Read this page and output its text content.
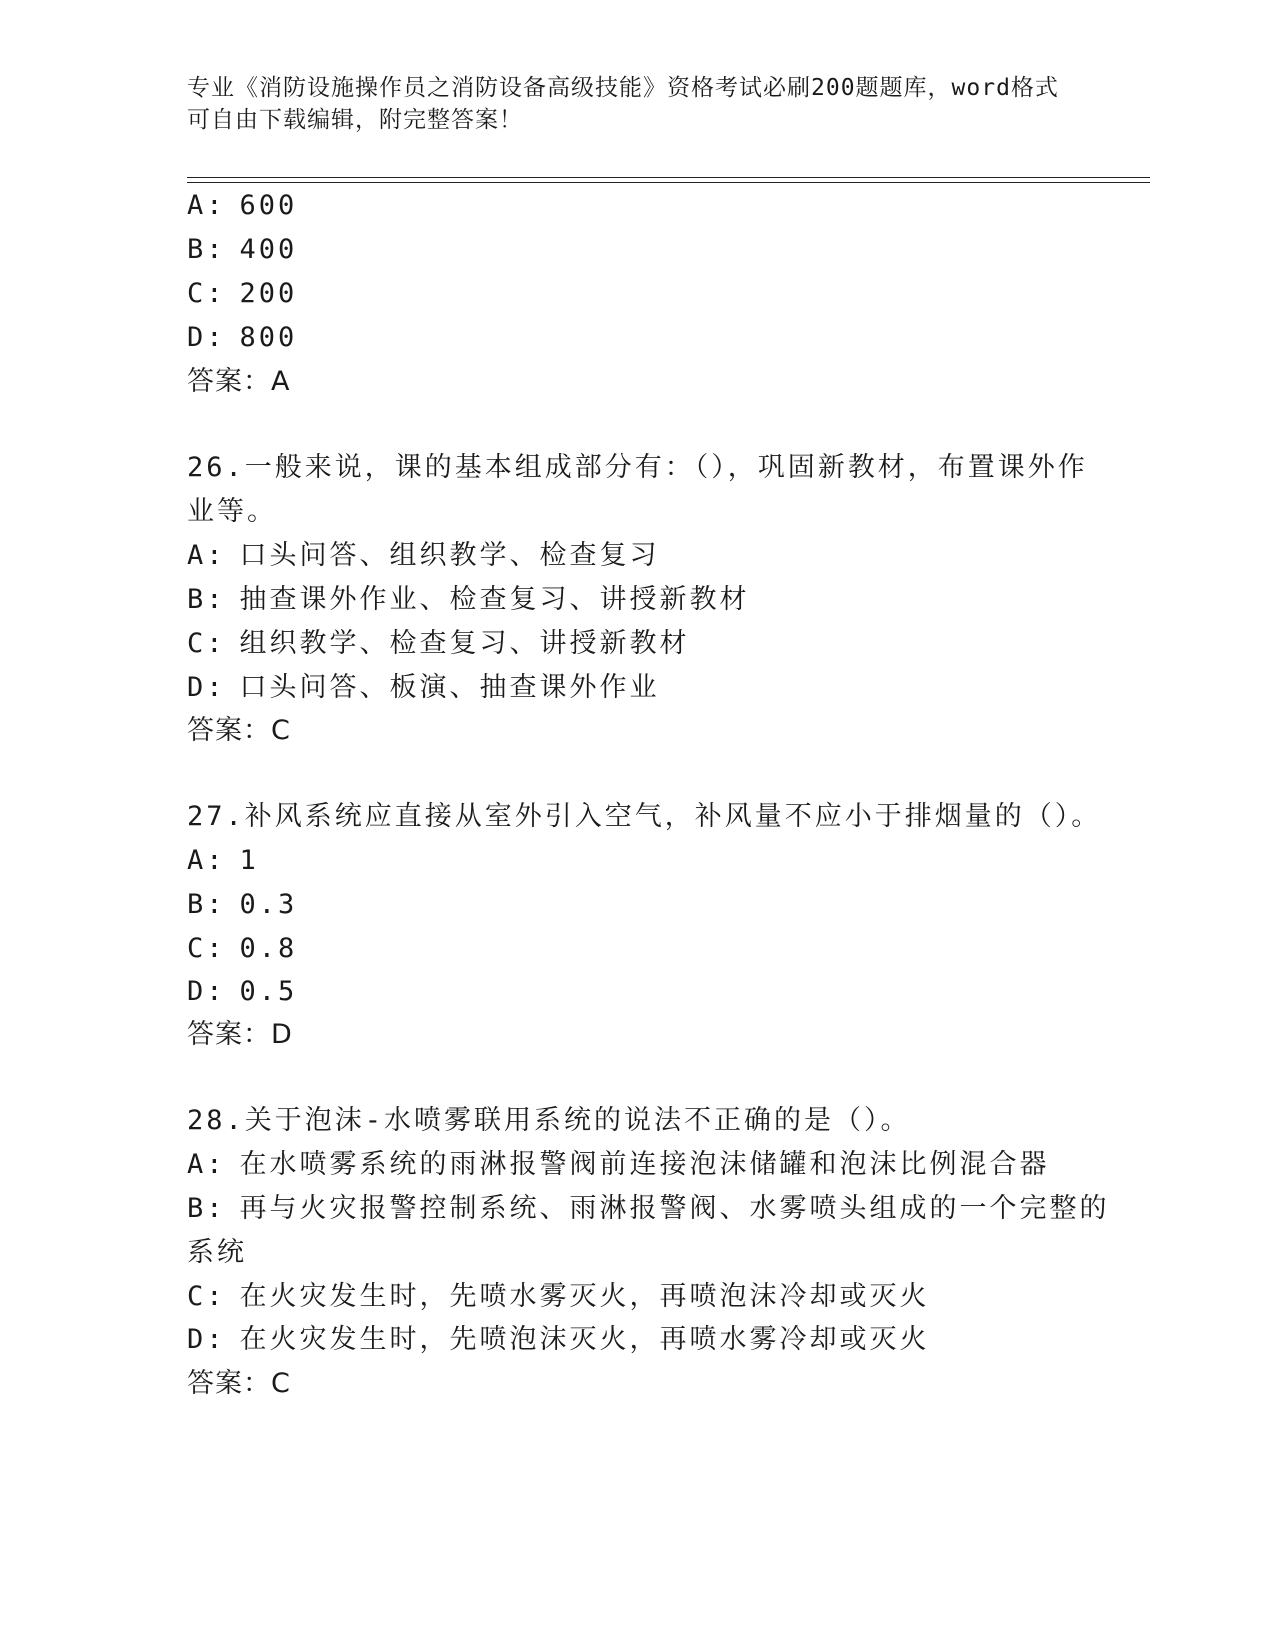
专业《消防设施操作员之消防设备高级技能》资格考试必刷200题题库，word格式可自由下载编辑，附完整答案！
A: 600
B: 400
C: 200
D: 800
答案：A
26.一般来说，课的基本组成部分有：（），巩固新教材，布置课外作
业等。
A: 口头问答、组织教学、检查复习
B: 抽查课外作业、检查复习、讲授新教材
C: 组织教学、检查复习、讲授新教材
D: 口头问答、板演、抽查课外作业
答案：C
27.补风系统应直接从室外引入空气，补风量不应小于排烟量的（）。
A: 1
B: 0.3
C: 0.8
D: 0.5
答案：D
28.关于泡沫-水喷雾联用系统的说法不正确的是（）。
A: 在水喷雾系统的雨淋报警阀前连接泡沫储罐和泡沫比例混合器
B: 再与火灾报警控制系统、雨淋报警阀、水雾喷头组成的一个完整的
系统
C: 在火灾发生时，先喷水雾灭火，再喷泡沫冷却或灭火
D: 在火灾发生时，先喷泡沫灭火，再喷水雾冷却或灭火
答案：C
